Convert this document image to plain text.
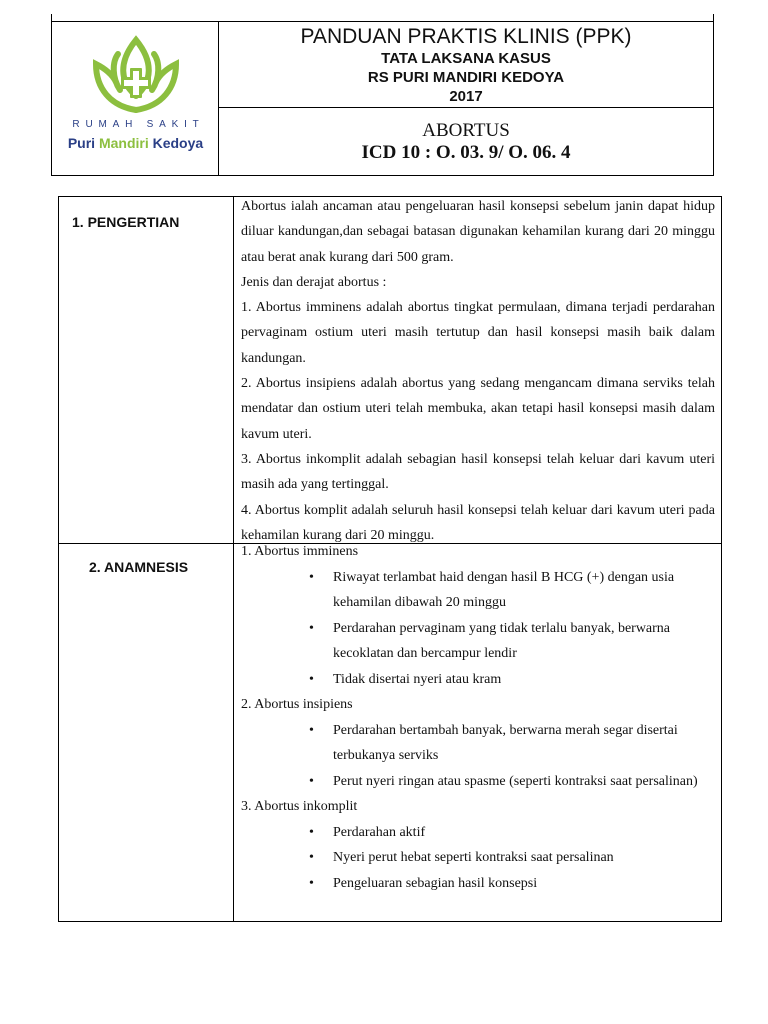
RUMAH SAKIT
Puri Mandiri Kedoya
PANDUAN PRAKTIS KLINIS (PPK)
TATA LAKSANA KASUS
RS PURI MANDIRI KEDOYA
2017
ABORTUS
ICD 10 : O. 03. 9/ O. 06. 4
1. PENGERTIAN
2. ANAMNESIS

Abortus ialah ancaman atau pengeluaran hasil konsepsi sebelum janin dapat hidup diluar kandungan,dan sebagai batasan digunakan kehamilan kurang dari 20 minggu atau berat anak kurang dari 500 gram.

Jenis dan derajat abortus :

1. Abortus imminens adalah abortus tingkat permulaan, dimana terjadi perdarahan pervaginam ostium uteri masih tertutup dan hasil konsepsi masih baik dalam kandungan.

2. Abortus insipiens adalah abortus yang sedang mengancam dimana serviks telah mendatar dan ostium uteri telah membuka, akan tetapi hasil konsepsi masih dalam kavum uteri.

3. Abortus inkomplit adalah sebagian hasil konsepsi telah keluar dari kavum uteri masih ada yang tertinggal.

4. Abortus komplit adalah seluruh hasil konsepsi telah keluar dari kavum uteri pada kehamilan kurang dari 20 minggu.

1. Abortus imminens

• Riwayat terlambat haid dengan hasil B HCG (+) dengan usia kehamilan dibawah 20 minggu
• Perdarahan pervaginam yang tidak terlalu banyak, berwarna kecoklatan dan bercampur lendir
• Tidak disertai nyeri atau kram

2. Abortus insipiens

• Perdarahan bertambah banyak, berwarna merah segar disertai terbukanya serviks
• Perut nyeri ringan atau spasme (seperti kontraksi saat persalinan)

3. Abortus inkomplit

• Perdarahan aktif
• Nyeri perut hebat seperti kontraksi saat persalinan
• Pengeluaran sebagian hasil konsepsi
